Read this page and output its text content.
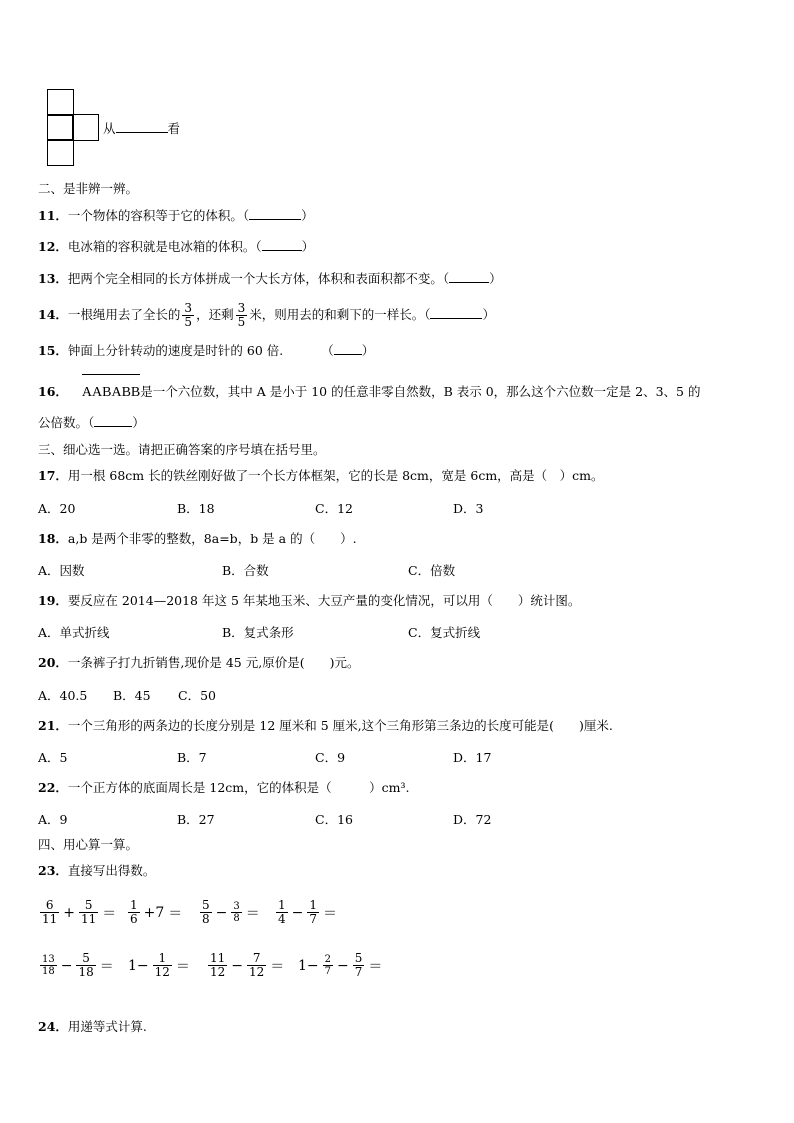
从	看
二、是非辨一辨。
11．一个物体的容积等于它的体积。（	）
12．电冰箱的容积就是电冰箱的体积。（	）
13．把两个完全相同的长方体拼成一个大长方体，体积和表面积都不变。（	）
14．一根绳用去了全长的 $\frac{3}{5}$ ，还剩 $\frac{3}{5}$ 米，则用去的和剩下的一样长。（	）
15．钟面上分针转动的速度是时针的 60 倍.	（ ）
16． AABABB是一个六位数，其中 A 是小于 10 的任意非零自然数，B 表示 0，那么这个六位数一定是 2、3、5 的
公倍数。（	）
三、细心选一选。请把正确答案的序号填在括号里。
17．用一根 68cm 长的铁丝刚好做了一个长方体框架，它的长是 8cm，宽是 6cm，高是（　）cm。
A．20	B．18	C．12	D．3
18．a,b 是两个非零的整数，8a=b，b 是 a 的（　　）.
A．因数	B．合数	C．倍数
19．要反应在 2014—2018 年这 5 年某地玉米、大豆产量的变化情况，可以用（　　）统计图。
A．单式折线	B．复式条形	C．复式折线
20．一条裤子打九折销售,现价是 45 元,原价是(　　)元。
A．40.5 B．45 C．50
21．一个三角形的两条边的长度分别是 12 厘米和 5 厘米,这个三角形第三条边的长度可能是(　　)厘米.
A．5	B．7	C．9	D．17
22．一个正方体的底面周长是 12cm，它的体积是（　　　）cm³.
A．9	B．27	C．16	D．72
四、用心算一算。
23．直接写出得数。
$\frac{6}{11} + \frac{5}{11} = \frac{1}{6} +7 = \frac{5}{8} - \frac{3}{8} = \frac{1}{4} - \frac{1}{7}$ ＝
$\frac{13}{18} - \frac{5}{18} = 1- \frac{1}{12} = \frac{11}{12} - \frac{7}{12} = 1- \frac{2}{7} - \frac{5}{7}$ ＝
24．用递等式计算.
